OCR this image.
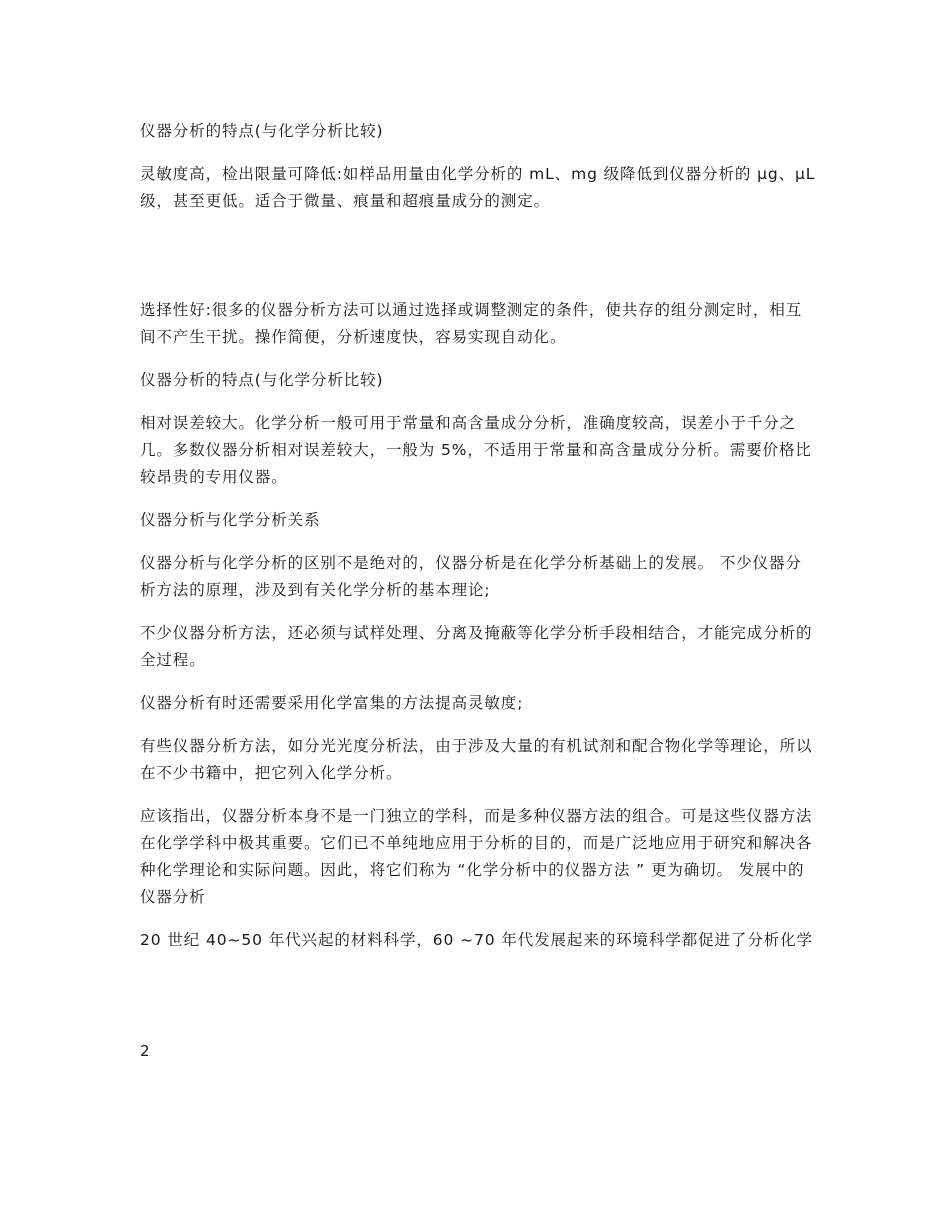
仪器分析的特点(与化学分析比较)

灵敏度高，检出限量可降低:如样品用量由化学分析的 mL、mg 级降低到仪器分析的 μg、μL 级，甚至更低。适合于微量、痕量和超痕量成分的测定。

选择性好:很多的仪器分析方法可以通过选择或调整测定的条件，使共存的组分测定时，相互间不产生干扰。操作简便，分析速度快，容易实现自动化。

仪器分析的特点(与化学分析比较)

相对误差较大。化学分析一般可用于常量和高含量成分分析，准确度较高，误差小于千分之几。多数仪器分析相对误差较大，一般为 5%，不适用于常量和高含量成分分析。需要价格比较昂贵的专用仪器。

仪器分析与化学分析关系

仪器分析与化学分析的区别不是绝对的，仪器分析是在化学分析基础上的发展。 不少仪器分析方法的原理，涉及到有关化学分析的基本理论;

不少仪器分析方法，还必须与试样处理、分离及掩蔽等化学分析手段相结合，才能完成分析的全过程。

仪器分析有时还需要采用化学富集的方法提高灵敏度;

有些仪器分析方法，如分光光度分析法，由于涉及大量的有机试剂和配合物化学等理论，所以在不少书籍中，把它列入化学分析。

应该指出，仪器分析本身不是一门独立的学科，而是多种仪器方法的组合。可是这些仪器方法在化学学科中极其重要。它们已不单纯地应用于分析的目的，而是广泛地应用于研究和解决各种化学理论和实际问题。因此，将它们称为 “化学分析中的仪器方法 ” 更为确切。 发展中的仪器分析

20 世纪 40~50 年代兴起的材料科学，60 ~70 年代发展起来的环境科学都促进了分析化学

2
